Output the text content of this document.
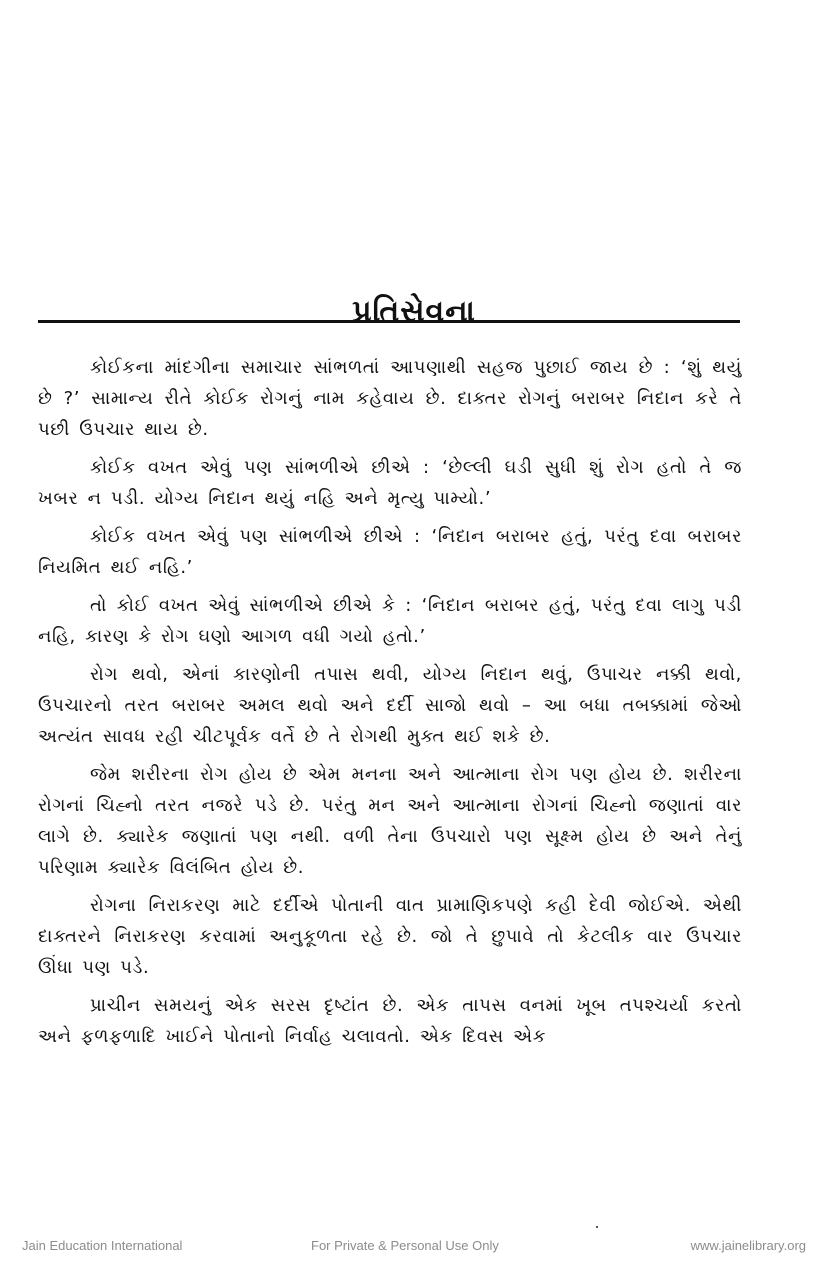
પ્રતિસેવના

કોઈકના માંદગીના સમાચાર સાંભળતાં આપણાથી સહજ પુછાઈ જાય છે : ‘શું થયું છે ?’ સામાન્ય રીતે કોઈક રોગનું નામ કહેવાય છે. દાક્તર રોગનું બરાબર નિદાન કરે તે પછી ઉપચાર થાય છે.

કોઈક વખત એવું પણ સાંભળીએ છીએ : ‘છેલ્લી ઘડી સુધી શું રોગ હતો તે જ ખબર ન પડી. યોગ્ય નિદાન થયું નહિ અને મૃત્યુ પામ્યો.’

કોઈક વખત એવું પણ સાંભળીએ છીએ : ‘નિદાન બરાબર હતું, પરંતુ દવા બરાબર નિયમિત થઈ નહિ.’

તો કોઈ વખત એવું સાંભળીએ છીએ કે : ‘નિદાન બરાબર હતું, પરંતુ દવા લાગુ પડી નહિ, કારણ કે રોગ ઘણો આગળ વધી ગયો હતો.’

રોગ થવો, એનાં કારણોની તપાસ થવી, યોગ્ય નિદાન થવું, ઉપાચર નક્કી થવો, ઉપચારનો તરત બરાબર અમલ થવો અને દર્દી સાજો થવો – આ બધા તબક્કામાં જેઓ અત્યંત સાવધ રહી ચીટપૂર્વક વર્તે છે તે રોગથી મુક્ત થઈ શકે છે.

જેમ શરીરના રોગ હોય છે એમ મનના અને આત્માના રોગ પણ હોય છે. શરીરના રોગનાં ચિહ્નો તરત નજરે પડે છે. પરંતુ મન અને આત્માના રોગનાં ચિહ્નો જણાતાં વાર લાગે છે. ક્યારેક જણાતાં પણ નથી. વળી તેના ઉપચારો પણ સૂક્ષ્મ હોય છે અને તેનું પરિણામ ક્યારેક વિલંબિત હોય છે.

રોગના નિરાકરણ માટે દર્દીએ પોતાની વાત પ્રામાણિકપણે કહી દેવી જોઈએ. એથી દાક્તરને નિરાકરણ કરવામાં અનુકૂળતા રહે છે. જો તે છુપાવે તો કેટલીક વાર ઉપચાર ઊંધા પણ પડે.

પ્રાચીન સમયનું એક સરસ દૃષ્ટાંત છે. એક તાપસ વનમાં ખૂબ તપશ્ચર્યા કરતો અને ફળફળાદિ ખાઈને પોતાનો નિર્વાહ ચલાવતો. એક દિવસ એક

Jain Education International	For Private & Personal Use Only	www.jainelibrary.org
